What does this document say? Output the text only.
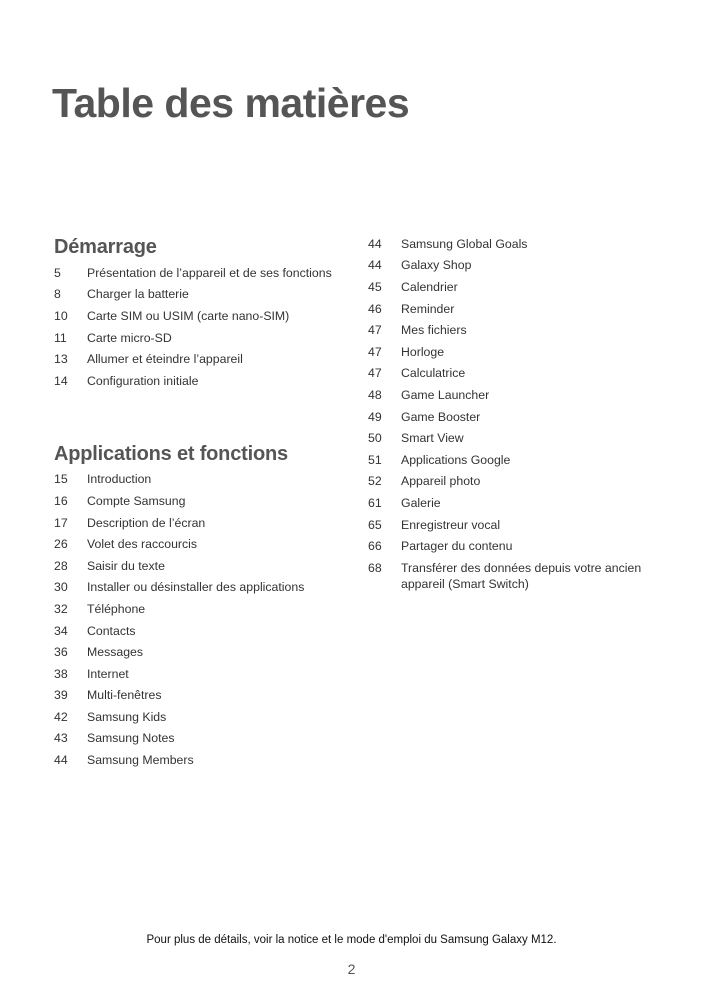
Table des matières
Démarrage
5	Présentation de l’appareil et de ses fonctions
8	Charger la batterie
10	Carte SIM ou USIM (carte nano-SIM)
11	Carte micro-SD
13	Allumer et éteindre l’appareil
14	Configuration initiale
Applications et fonctions
15	Introduction
16	Compte Samsung
17	Description de l’écran
26	Volet des raccourcis
28	Saisir du texte
30	Installer ou désinstaller des applications
32	Téléphone
34	Contacts
36	Messages
38	Internet
39	Multi-fenêtres
42	Samsung Kids
43	Samsung Notes
44	Samsung Members
44	Samsung Global Goals
44	Galaxy Shop
45	Calendrier
46	Reminder
47	Mes fichiers
47	Horloge
47	Calculatrice
48	Game Launcher
49	Game Booster
50	Smart View
51	Applications Google
52	Appareil photo
61	Galerie
65	Enregistreur vocal
66	Partager du contenu
68	Transférer des données depuis votre ancien appareil (Smart Switch)
Pour plus de détails, voir la notice et le mode d'emploi du Samsung Galaxy M12.
2
